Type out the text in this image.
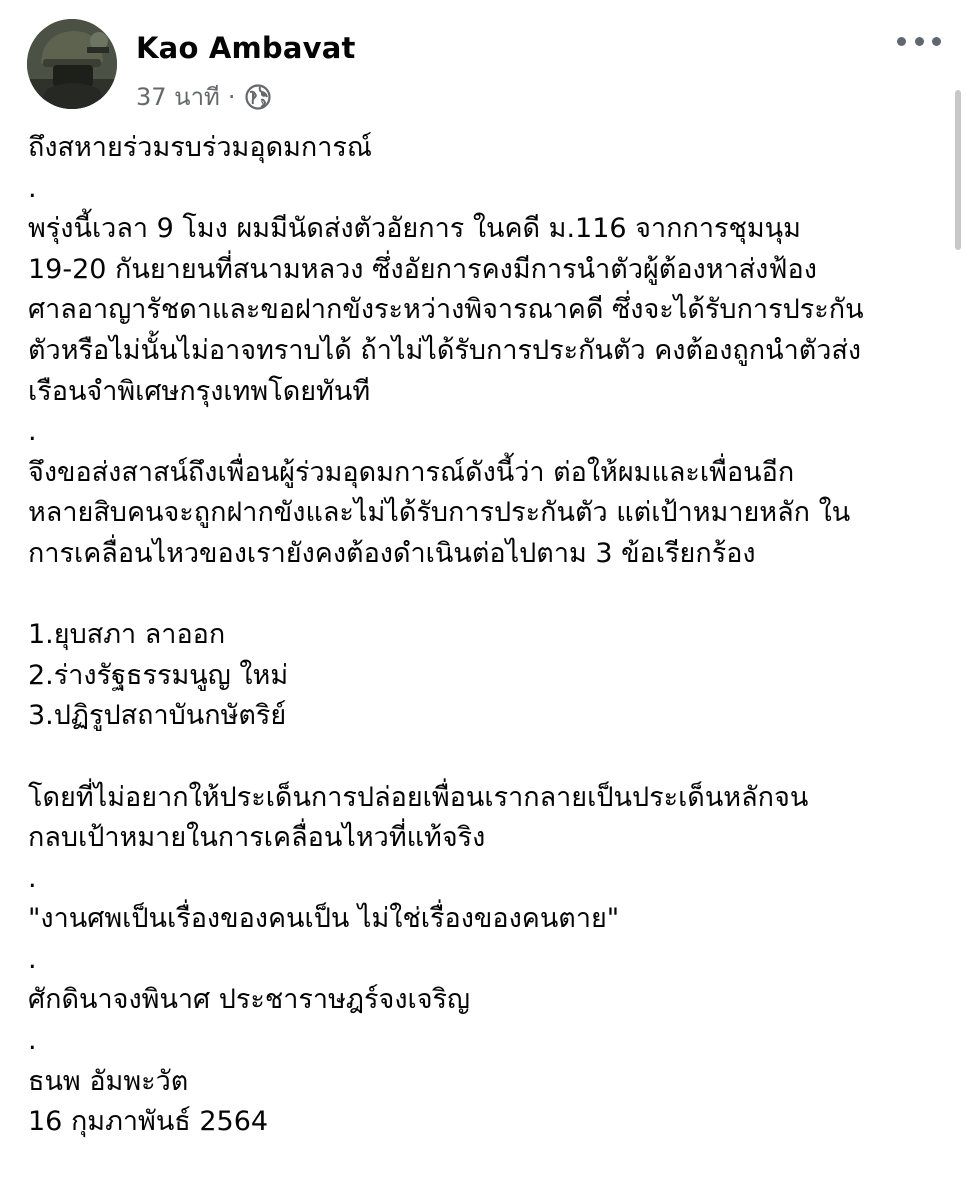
Kao Ambavat
37 นาที ·
ถึงสหายร่วมรบร่วมอุดมการณ์
.
พรุ่งนี้เวลา 9 โมง ผมมีนัดส่งตัวอัยการ ในคดี ม.116 จากการชุมนุม
19-20 กันยายนที่สนามหลวง ซึ่งอัยการคงมีการนำตัวผู้ต้องหาส่งฟ้อง
ศาลอาญารัชดาและขอฝากขังระหว่างพิจารณาคดี ซึ่งจะได้รับการประกัน
ตัวหรือไม่นั้นไม่อาจทราบได้ ถ้าไม่ได้รับการประกันตัว คงต้องถูกนำตัวส่ง
เรือนจำพิเศษกรุงเทพโดยทันที
.
จึงขอส่งสาสน์ถึงเพื่อนผู้ร่วมอุดมการณ์ดังนี้ว่า ต่อให้ผมและเพื่อนอีก
หลายสิบคนจะถูกฝากขังและไม่ได้รับการประกันตัว แต่เป้าหมายหลัก ใน
การเคลื่อนไหวของเรายังคงต้องดำเนินต่อไปตาม 3 ข้อเรียกร้อง
1.ยุบสภา ลาออก
2.ร่างรัฐธรรมนูญ ใหม่
3.ปฏิรูปสถาบันกษัตริย์
โดยที่ไม่อยากให้ประเด็นการปล่อยเพื่อนเรากลายเป็นประเด็นหลักจน
กลบเป้าหมายในการเคลื่อนไหวที่แท้จริง
.
"งานศพเป็นเรื่องของคนเป็น ไม่ใช่เรื่องของคนตาย"
.
ศักดินาจงพินาศ ประชาราษฎร์จงเจริญ
.
ธนพ อัมพะวัต
16 กุมภาพันธ์ 2564
